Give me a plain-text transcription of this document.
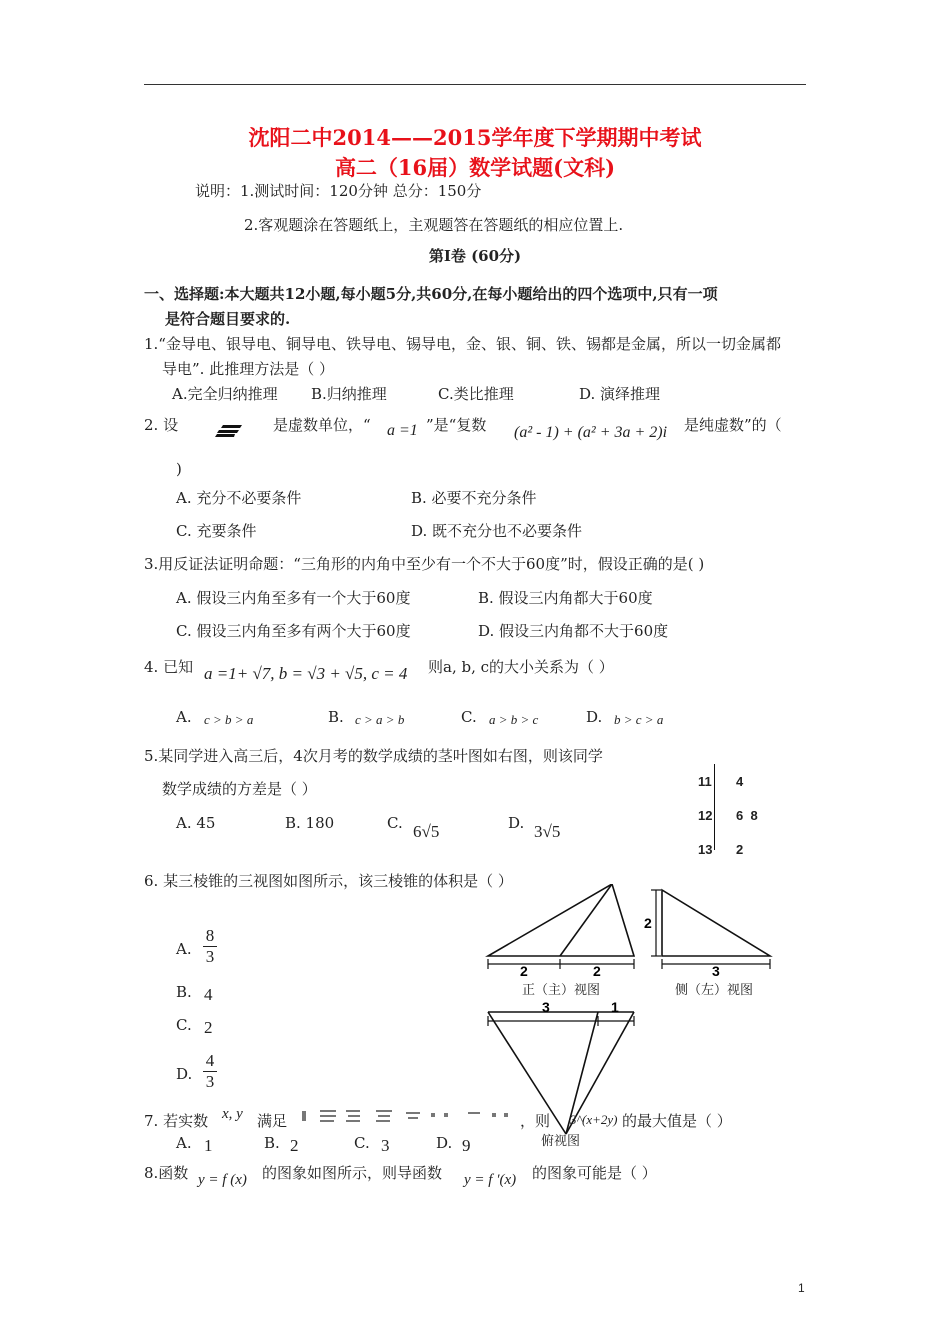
沈阳二中2014——2015学年度下学期期中考试
高二（16届）数学试题(文科)
说明：1.测试时间：120分钟 总分：150分
2.客观题涂在答题纸上，主观题答在答题纸的相应位置上.
第Ⅰ卷 (60分)
一、选择题:本大题共12小题,每小题5分,共60分,在每小题给出的四个选项中,只有一项
是符合题目要求的.
1.“金导电、银导电、铜导电、铁导电、锡导电，金、银、铜、铁、锡都是金属，所以一切金属都
导电”. 此推理方法是（ ）
A.完全归纳推理 B.归纳推理	C.类比推理	D. 演绎推理
2. 设	是虚数单位，“ a =1 ”是“复数 (a² - 1) + (a² + 3a + 2)i 是纯虚数”的（
)
A. 充分不必要条件	B. 必要不充分条件
C. 充要条件	D. 既不充分也不必要条件
3.用反证法证明命题：“三角形的内角中至少有一个不大于60度”时，假设正确的是( )
A. 假设三内角至多有一个大于60度	B. 假设三内角都大于60度
C. 假设三内角至多有两个大于60度	D. 假设三内角都不大于60度
4. 已知 a =1+ √7, b = √3 + √5, c = 4 则a, b, c的大小关系为（ ）
A. c > b > a	B. c > a > b	C. a > b > c	D. b > c > a
5.某同学进入高三后，4次月考的数学成绩的茎叶图如右图，则该同学
数学成绩的方差是（ ）
A. 45	B. 180	C. 6√5	D. 3√5
11	4
12	6  8
13	2
6. 某三棱锥的三视图如图所示，该三棱锥的体积是（ ）
A. $\frac{8}{3}$
B. 4
C. 2
D. $\frac{4}{3}$
2	2
2
3
3	1
正（主）视图	侧（左）视图
7. 若实数 x, y 满足	，则 3^(x+2y) 的最大值是（ ）
俯视图
A. 1	B. 2	C. 3	D. 9
8.函数 y = f (x) 的图象如图所示，则导函数 y = f ′(x) 的图象可能是（ ）
1
